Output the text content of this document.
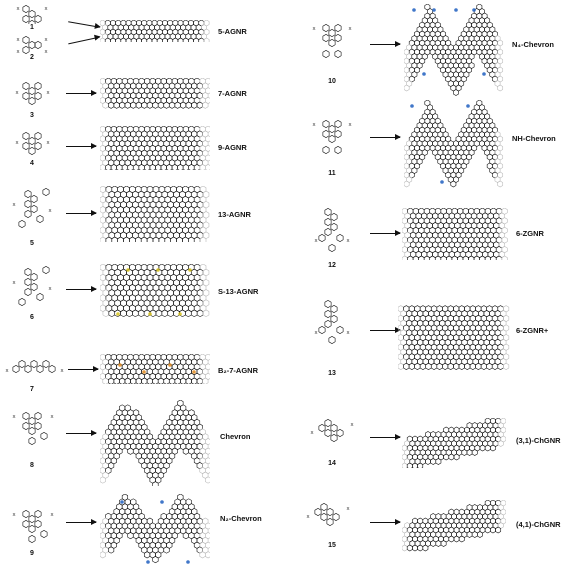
X	X
1
X	X
X	X
2
5-AGNR
X	X
3
7-AGNR
X	X
4
9-AGNR
X
X
5
13-AGNR
X
X
6
S-13-AGNR
X	X
7
B₂-7-AGNR
X	X
8
Chevron
X	X
9
N₂-Chevron
X	X
10
N₄-Chevron
X	X
11
NH-Chevron
X	X
12
6-ZGNR
X	X
13
6-ZGNR+
X
X
14
(3,1)-ChGNR
X
X
15
(4,1)-ChGNR
